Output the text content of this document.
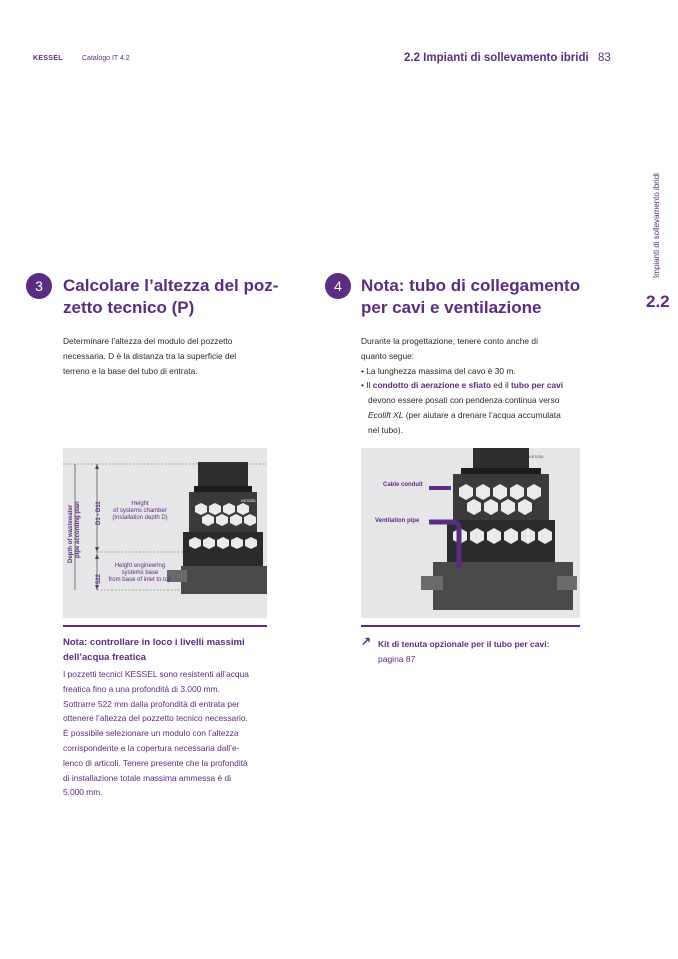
KESSEL	Catalogo IT 4.2	2.2 Impianti di sollevamento ibridi 83
Impianti di sollevamento ibridi
2.2
3	Calcolare l’altezza del poz-
zetto tecnico (P)
Determinare l’altezza del modulo del pozzetto
necessaria. D è la distanza tra la superficie del
terreno e la base del tubo di entrata.
KESSEL
Depth of wastewater pipe according plan	D1 - D11
522
Height
of systems chamber
(Installation depth D)
Height engineering
systems base
from base of inlet to top
Nota: controllare in loco i livelli massimi
dell’acqua freatica
I pozzetti tecnici KESSEL sono resistenti all’acqua
freatica fino a una profondità di 3.000 mm.
Sottrarre 522 mm dalla profondità di entrata per
ottenere l’altezza del pozzetto tecnico necessario.
È possibile selezionare un modulo con l’altezza
corrispondente e la copertura necessaria dall’e-
lenco di articoli. Tenere presente che la profondità
di installazione totale massima ammessa è di
5.000 mm.
4	Nota: tubo di collegamento
per cavi e ventilazione
Durante la progettazione, tenere conto anche di
quanto segue:
• La lunghezza massima del cavo è 30 m.
• Il condotto di aerazione e sfiato ed il tubo per cavi
devono essere posati con pendenza continua verso
Ecolift XL (per aiutare a drenare l’acqua accumulata
nel tubo).
KESSEL
Cable conduit
Ventilation pipe
↗ Kit di tenuta opzionale per il tubo per cavi:
pagina 87
